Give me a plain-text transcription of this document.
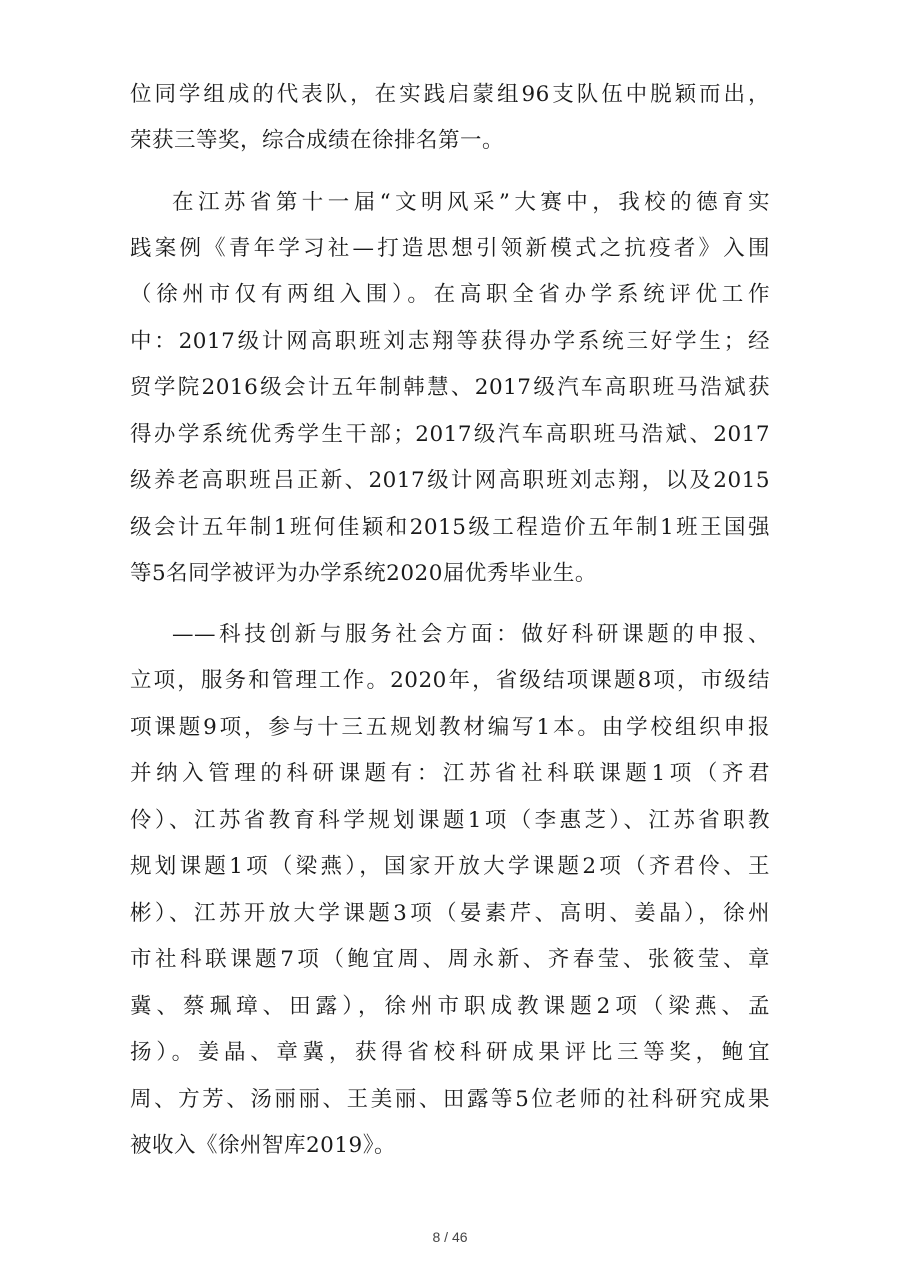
位同学组成的代表队，在实践启蒙组96支队伍中脱颖而出，
荣获三等奖，综合成绩在徐排名第一。
在江苏省第十一届“文明风采”大赛中，我校的德育实
践案例《青年学习社—打造思想引领新模式之抗疫者》入围
（徐州市仅有两组入围）。在高职全省办学系统评优工作
中：2017级计网高职班刘志翔等获得办学系统三好学生；经
贸学院2016级会计五年制韩慧、2017级汽车高职班马浩斌获
得办学系统优秀学生干部；2017级汽车高职班马浩斌、2017
级养老高职班吕正新、2017级计网高职班刘志翔，以及2015
级会计五年制1班何佳颖和2015级工程造价五年制1班王国强
等5名同学被评为办学系统2020届优秀毕业生。
——科技创新与服务社会方面：做好科研课题的申报、
立项，服务和管理工作。2020年，省级结项课题8项，市级结
项课题9项，参与十三五规划教材编写1本。由学校组织申报
并纳入管理的科研课题有：江苏省社科联课题1项（齐君
伶）、江苏省教育科学规划课题1项（李惠芝）、江苏省职教
规划课题1项（梁燕），国家开放大学课题2项（齐君伶、王
彬）、江苏开放大学课题3项（晏素芹、高明、姜晶），徐州
市社科联课题7项（鲍宜周、周永新、齐春莹、张筱莹、章
冀、蔡珮璋、田露），徐州市职成教课题2项（梁燕、孟
扬）。姜晶、章冀，获得省校科研成果评比三等奖，鲍宜
周、方芳、汤丽丽、王美丽、田露等5位老师的社科研究成果
被收入《徐州智库2019》。
8 / 46
